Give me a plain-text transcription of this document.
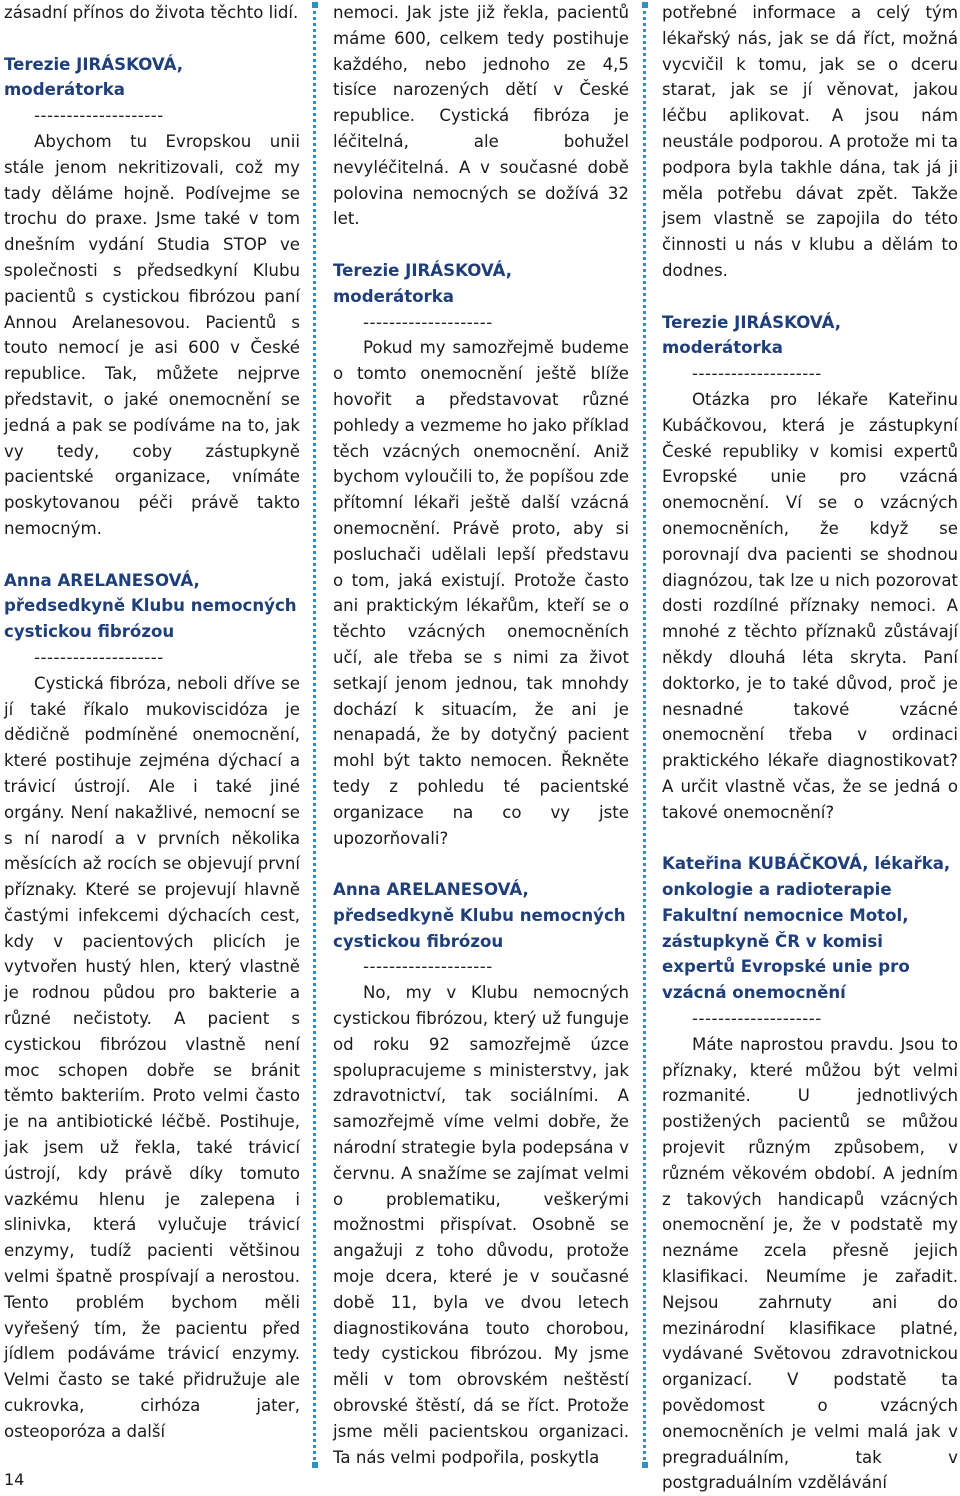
zásadní přínos do života těchto lidí.

Terezie JIRÁSKOVÁ, moderátorka
--------------------

Abychom tu Evropskou unii stále jenom nekritizovali, což my tady děláme hojně. Podívejme se trochu do praxe. Jsme také v tom dnešním vydání Studia STOP ve společnosti s předsedkyní Klubu pacientů s cystickou fibrózou paní Annou Arelanesovou. Pacientů s touto nemocí je asi 600 v České republice. Tak, můžete nejprve představit, o jaké onemocnění se jedná a pak se podíváme na to, jak vy tedy, coby zástupkyně pacientské organizace, vnímáte poskytovanou péči právě takto nemocným.

Anna ARELANESOVÁ, předsedkyně Klubu nemocných cystickou fibrózou
--------------------

Cystická fibróza, neboli dříve se jí také říkalo mukoviscidóza je dědičně podmíněné onemocnění, které postihuje zejména dýchací a trávicí ústrojí. Ale i také jiné orgány. Není nakažlivé, nemocní se s ní narodí a v prvních několika měsících až rocích se objevují první příznaky. Které se projevují hlavně častými infekcemi dýchacích cest, kdy v pacientových plicích je vytvořen hustý hlen, který vlastně je rodnou půdou pro bakterie a různé nečistoty. A pacient s cystickou fibrózou vlastně není moc schopen dobře se bránit těmto bakteriím. Proto velmi často je na antibiotické léčbě. Postihuje, jak jsem už řekla, také trávicí ústrojí, kdy právě díky tomuto vazkému hlenu je zalepena i slinivka, která vylučuje trávicí enzymy, tudíž pacienti většinou velmi špatně prospívají a nerostou. Tento problém bychom měli vyřešený tím, že pacientu před jídlem podáváme trávicí enzymy. Velmi často se také přidružuje ale cukrovka, cirhóza jater, osteoporóza a další

nemoci. Jak jste již řekla, pacientů máme 600, celkem tedy postihuje každého, nebo jednoho ze 4,5 tisíce narozených dětí v České republice. Cystická fibróza je léčitelná, ale bohužel nevyléčitelná. A v současné době polovina nemocných se dožívá 32 let.

Terezie JIRÁSKOVÁ, moderátorka
--------------------

Pokud my samozřejmě budeme o tomto onemocnění ještě blíže hovořit a představovat různé pohledy a vezmeme ho jako příklad těch vzácných onemocnění. Aniž bychom vyloučili to, že popíšou zde přítomní lékaři ještě další vzácná onemocnění. Právě proto, aby si posluchači udělali lepší představu o tom, jaká existují. Protože často ani praktickým lékařům, kteří se o těchto vzácných onemocněních učí, ale třeba se s nimi za život setkají jenom jednou, tak mnohdy dochází k situacím, že ani je nenapadá, že by dotyčný pacient mohl být takto nemocen. Řekněte tedy z pohledu té pacientské organizace na co vy jste upozorňovali?

Anna ARELANESOVÁ, předsedkyně Klubu nemocných cystickou fibrózou
--------------------

No, my v Klubu nemocných cystickou fibrózou, který už funguje od roku 92 samozřejmě úzce spolupracujeme s ministerstvy, jak zdravotnictví, tak sociálními. A samozřejmě víme velmi dobře, že národní strategie byla podepsána v červnu. A snažíme se zajímat velmi o problematiku, veškerými možnostmi přispívat. Osobně se angažuji z toho důvodu, protože moje dcera, které je v současné době 11, byla ve dvou letech diagnostikována touto chorobou, tedy cystickou fibrózou. My jsme měli v tom obrovském neštěstí obrovské štěstí, dá se říct. Protože jsme měli pacientskou organizaci. Ta nás velmi podpořila, poskytla

potřebné informace a celý tým lékařský nás, jak se dá říct, možná vycvičil k tomu, jak se o dceru starat, jak se jí věnovat, jakou léčbu aplikovat. A jsou nám neustále podporou. A protože mi ta podpora byla takhle dána, tak já ji měla potřebu dávat zpět. Takže jsem vlastně se zapojila do této činnosti u nás v klubu a dělám to dodnes.

Terezie JIRÁSKOVÁ, moderátorka
--------------------

Otázka pro lékaře Kateřinu Kubáčkovou, která je zástupkyní České republiky v komisi expertů Evropské unie pro vzácná onemocnění. Ví se o vzácných onemocněních, že když se porovnají dva pacienti se shodnou diagnózou, tak lze u nich pozorovat dosti rozdílné příznaky nemoci. A mnohé z těchto příznaků zůstávají někdy dlouhá léta skryta. Paní doktorko, je to také důvod, proč je nesnadné takové vzácné onemocnění třeba v ordinaci praktického lékaře diagnostikovat? A určit vlastně včas, že se jedná o takové onemocnění?

Kateřina KUBÁČKOVÁ, lékařka, onkologie a radioterapie Fakultní nemocnice Motol, zástupkyně ČR v komisi expertů Evropské unie pro vzácná onemocnění
--------------------

Máte naprostou pravdu. Jsou to příznaky, které můžou být velmi rozmanité. U jednotlivých postižených pacientů se můžou projevit různým způsobem, v různém věkovém období. A jedním z takových handicapů vzácných onemocnění je, že v podstatě my neznáme zcela přesně jejich klasifikaci. Neumíme je zařadit. Nejsou zahrnuty ani do mezinárodní klasifikace platné, vydávané Světovou zdravotnickou organizací. V podstatě ta povědomost o vzácných onemocněních je velmi malá jak v pregraduálním, tak v postgraduálním vzdělávání

14
